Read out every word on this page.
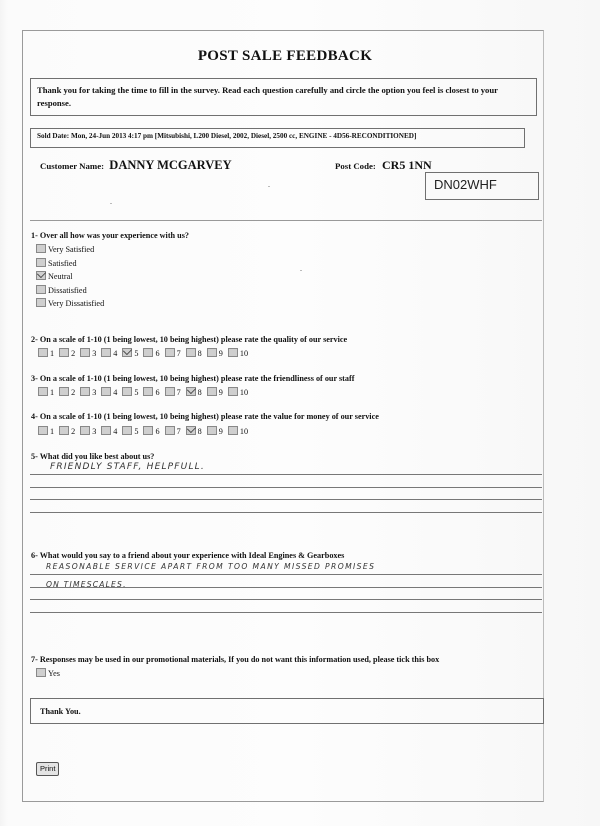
POST SALE FEEDBACK

Thank you for taking the time to fill in the survey. Read each question carefully and circle the option you feel is closest to your response.

Sold Date: Mon, 24-Jun 2013 4:17 pm [Mitsubishi, L200 Diesel, 2002, Diesel, 2500 cc, ENGINE - 4D56-RECONDITIONED]

Customer Name: DANNY MCGARVEY	Post Code: CR5 1NN
DN02WHF
1- Over all how was your experience with us?
Very Satisfied
Satisfied
Neutral
Dissatisfied
Very Dissatisfied
2- On a scale of 1-10 (1 being lowest, 10 being highest) please rate the quality of our service
1 2 3 4 5 6 7 8 9 10
3- On a scale of 1-10 (1 being lowest, 10 being highest) please rate the friendliness of our staff
1 2 3 4 5 6 7 8 9 10
4- On a scale of 1-10 (1 being lowest, 10 being highest) please rate the value for money of our service
1 2 3 4 5 6 7 8 9 10
5- What did you like best about us?
FRIENDLY STAFF, HELPFULL.
6- What would you say to a friend about your experience with Ideal Engines & Gearboxes
REASONABLE SERVICE APART FROM TOO MANY MISSED PROMISES
ON TIMESCALES.
7- Responses may be used in our promotional materials, If you do not want this information used, please tick this box
Yes

Thank You.

Print
